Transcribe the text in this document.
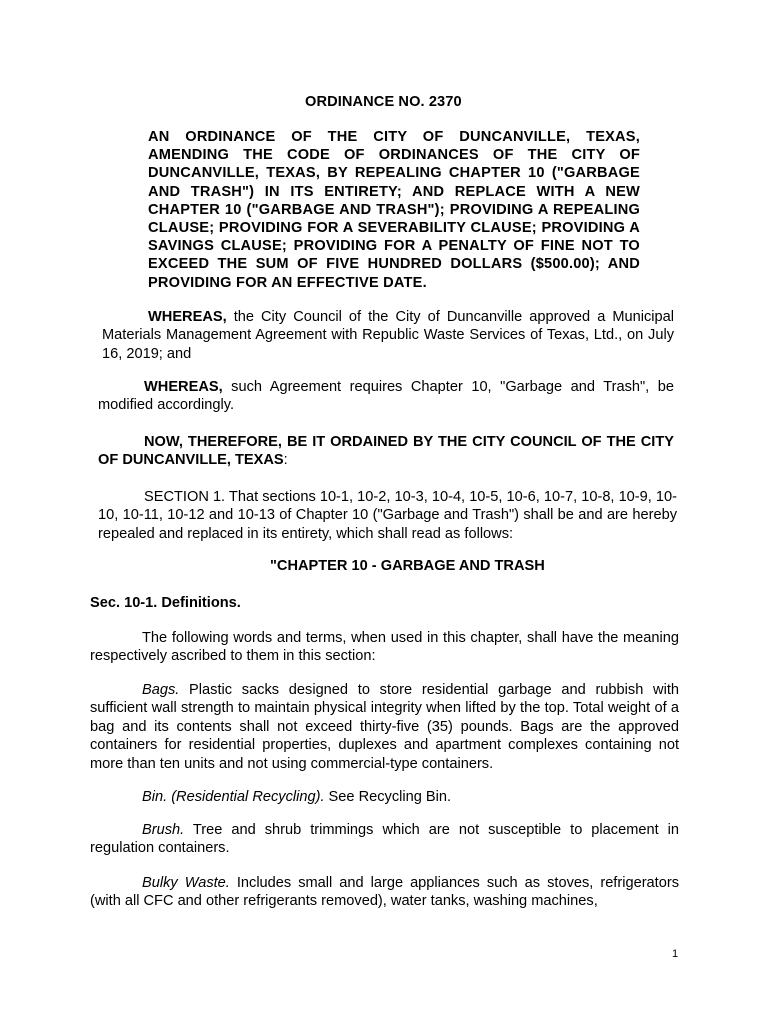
ORDINANCE NO. 2370
AN ORDINANCE OF THE CITY OF DUNCANVILLE, TEXAS, AMENDING THE CODE OF ORDINANCES OF THE CITY OF DUNCANVILLE, TEXAS, BY REPEALING CHAPTER 10 ("GARBAGE AND TRASH") IN ITS ENTIRETY; AND REPLACE WITH A NEW CHAPTER 10 ("GARBAGE AND TRASH"); PROVIDING A REPEALING CLAUSE; PROVIDING FOR A SEVERABILITY CLAUSE; PROVIDING A SAVINGS CLAUSE; PROVIDING FOR A PENALTY OF FINE NOT TO EXCEED THE SUM OF FIVE HUNDRED DOLLARS ($500.00); AND PROVIDING FOR AN EFFECTIVE DATE.
WHEREAS, the City Council of the City of Duncanville approved a Municipal Materials Management Agreement with Republic Waste Services of Texas, Ltd., on July 16, 2019; and
WHEREAS, such Agreement requires Chapter 10, "Garbage and Trash", be modified accordingly.
NOW, THEREFORE, BE IT ORDAINED BY THE CITY COUNCIL OF THE CITY OF DUNCANVILLE, TEXAS:
SECTION 1. That sections 10-1, 10-2, 10-3, 10-4, 10-5, 10-6, 10-7, 10-8, 10-9, 10-10, 10-11, 10-12 and 10-13 of Chapter 10 ("Garbage and Trash") shall be and are hereby repealed and replaced in its entirety, which shall read as follows:
"CHAPTER 10 - GARBAGE AND TRASH
Sec. 10-1. Definitions.
The following words and terms, when used in this chapter, shall have the meaning respectively ascribed to them in this section:
Bags. Plastic sacks designed to store residential garbage and rubbish with sufficient wall strength to maintain physical integrity when lifted by the top. Total weight of a bag and its contents shall not exceed thirty-five (35) pounds. Bags are the approved containers for residential properties, duplexes and apartment complexes containing not more than ten units and not using commercial-type containers.
Bin. (Residential Recycling). See Recycling Bin.
Brush. Tree and shrub trimmings which are not susceptible to placement in regulation containers.
Bulky Waste. Includes small and large appliances such as stoves, refrigerators (with all CFC and other refrigerants removed), water tanks, washing machines,
1
